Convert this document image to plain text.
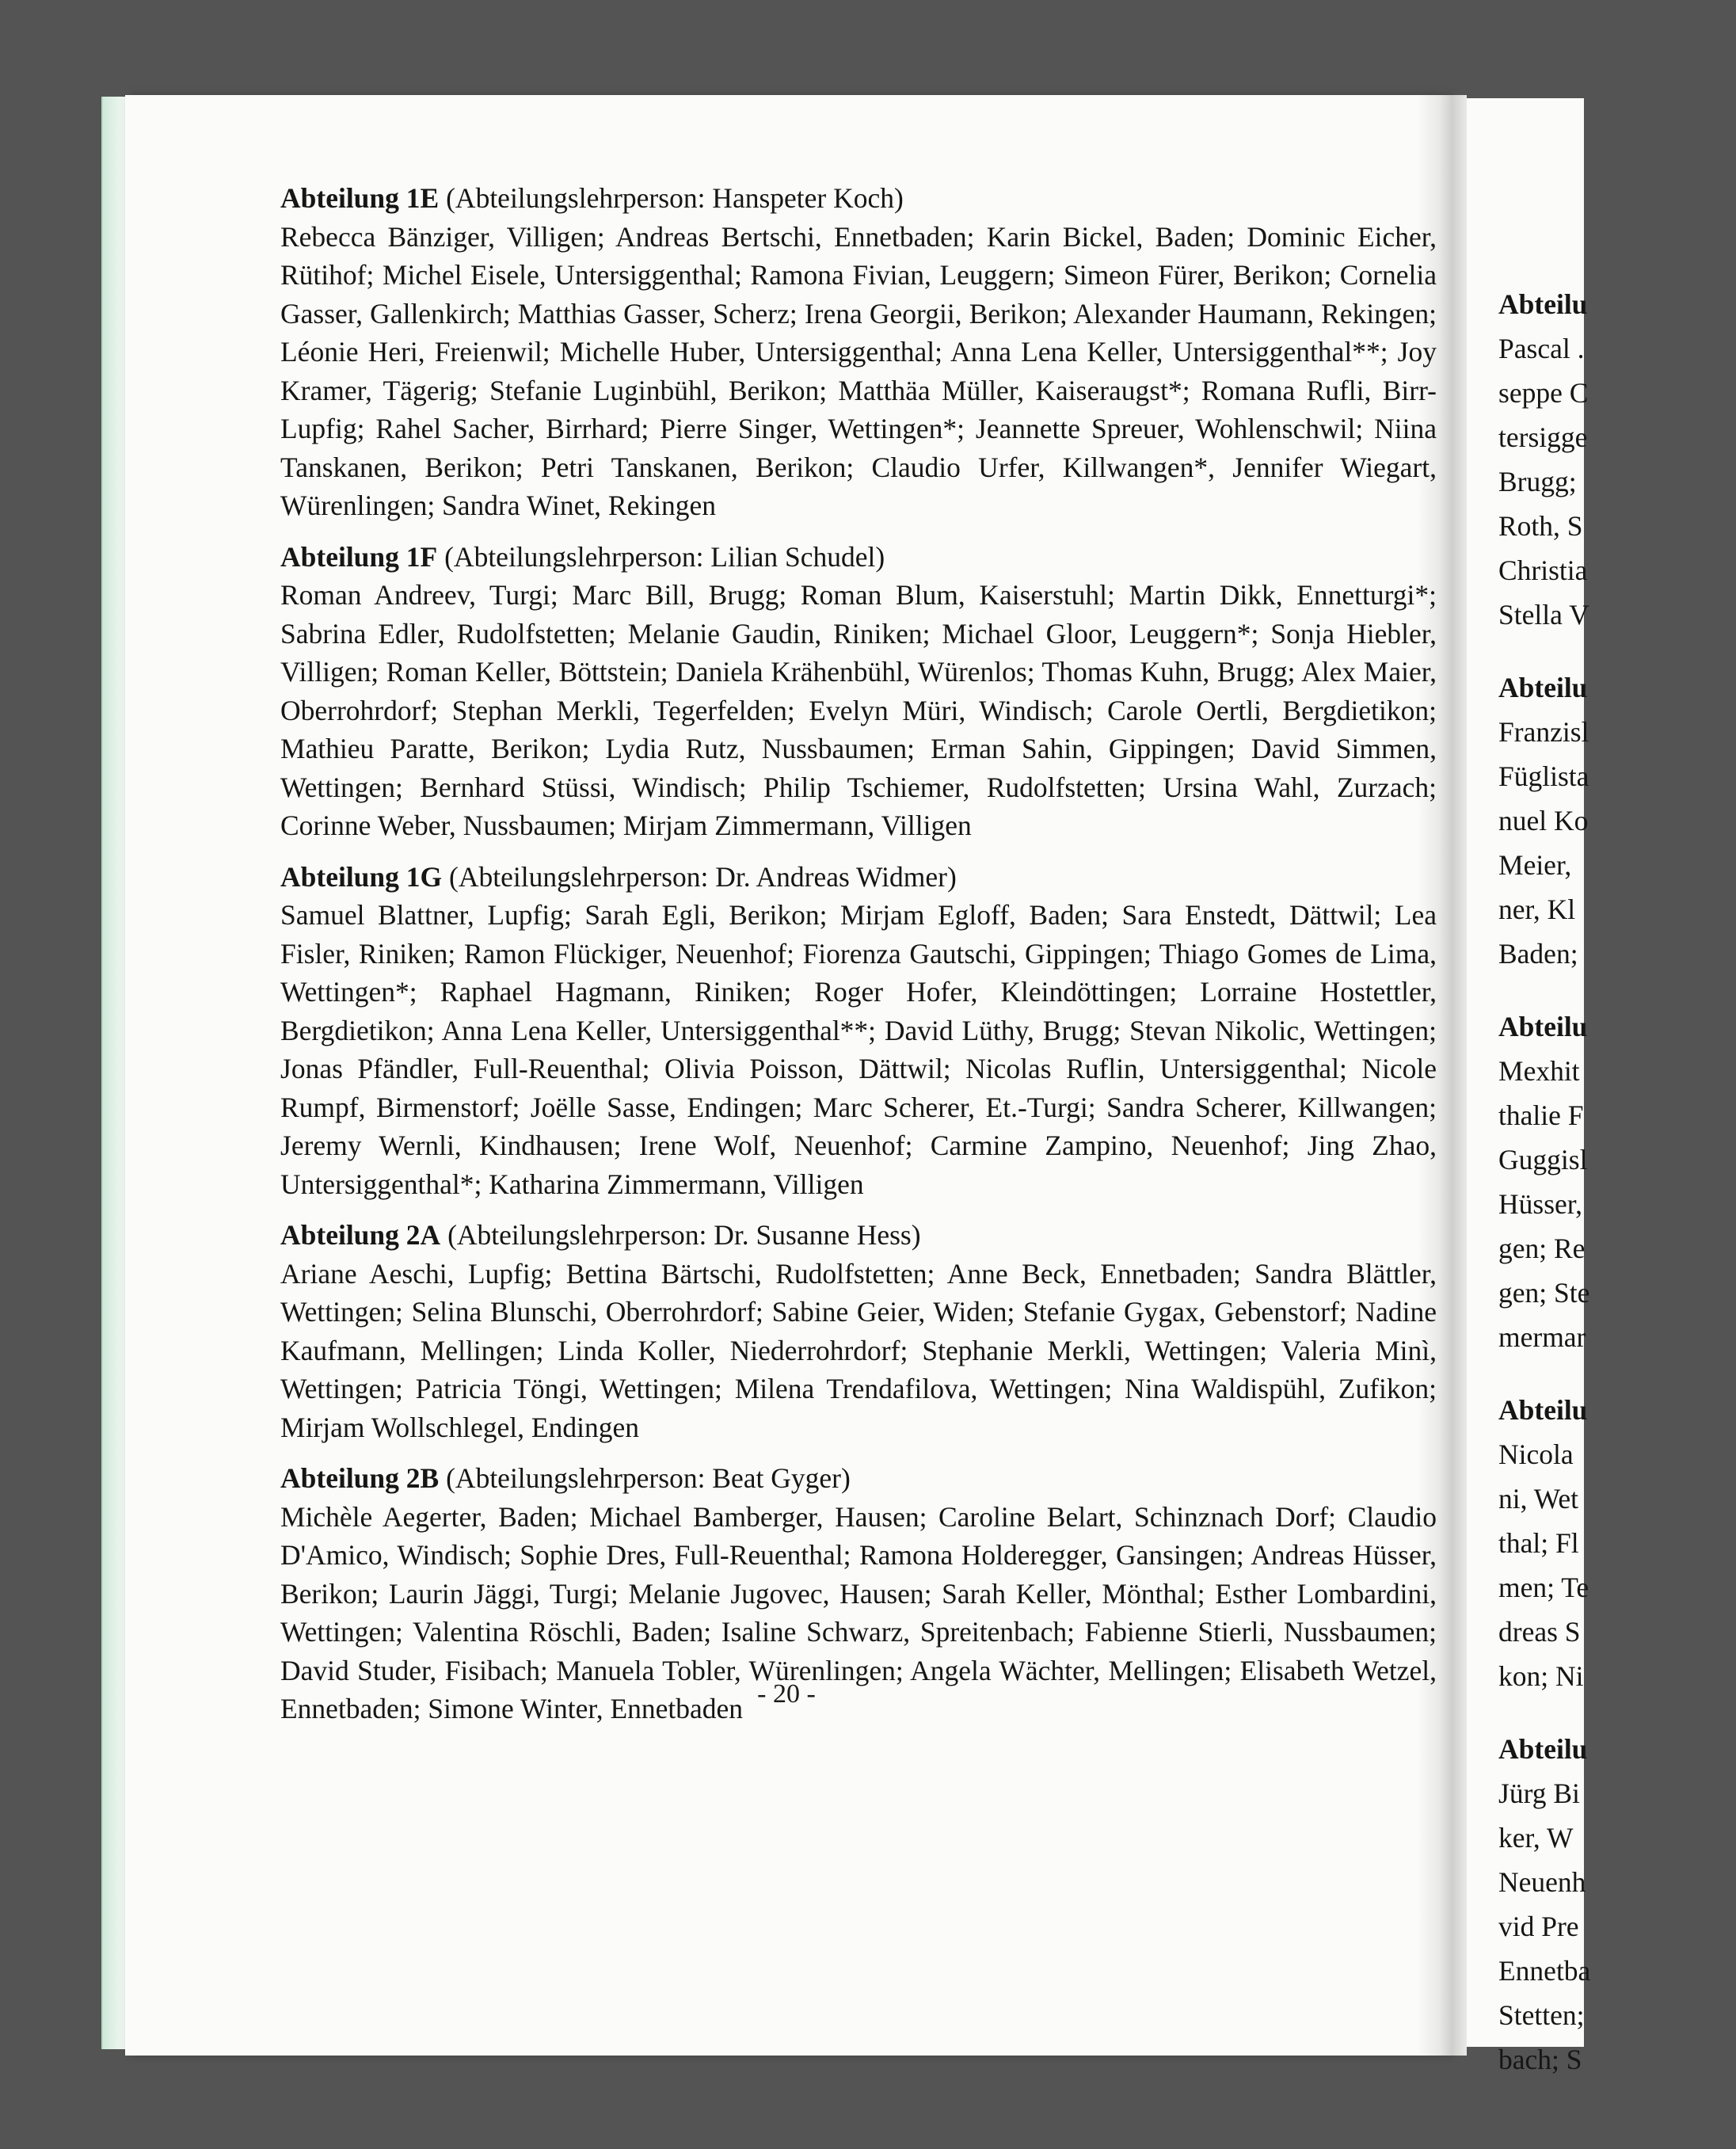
Abteilung 1E (Abteilungslehrperson: Hanspeter Koch)

Rebecca Bänziger, Villigen; Andreas Bertschi, Ennetbaden; Karin Bickel, Baden; Dominic Eicher, Rütihof; Michel Eisele, Untersiggenthal; Ramona Fivian, Leuggern; Simeon Fürer, Berikon; Cornelia Gasser, Gallenkirch; Matthias Gasser, Scherz; Irena Georgii, Berikon; Alexander Haumann, Rekingen; Léonie Heri, Freienwil; Michelle Huber, Untersiggenthal; Anna Lena Keller, Untersiggenthal**; Joy Kramer, Tägerig; Stefanie Luginbühl, Berikon; Matthäa Müller, Kaiseraugst*; Romana Rufli, Birr-Lupfig; Rahel Sacher, Birrhard; Pierre Singer, Wettingen*; Jeannette Spreuer, Wohlenschwil; Niina Tanskanen, Berikon; Petri Tanskanen, Berikon; Claudio Urfer, Killwangen*, Jennifer Wiegart, Würenlingen; Sandra Winet, Rekingen

Abteilung 1F (Abteilungslehrperson: Lilian Schudel)

Roman Andreev, Turgi; Marc Bill, Brugg; Roman Blum, Kaiserstuhl; Martin Dikk, Ennetturgi*; Sabrina Edler, Rudolfstetten; Melanie Gaudin, Riniken; Michael Gloor, Leuggern*; Sonja Hiebler, Villigen; Roman Keller, Böttstein; Daniela Krähenbühl, Würenlos; Thomas Kuhn, Brugg; Alex Maier, Oberrohrdorf; Stephan Merkli, Tegerfelden; Evelyn Müri, Windisch; Carole Oertli, Bergdietikon; Mathieu Paratte, Berikon; Lydia Rutz, Nussbaumen; Erman Sahin, Gippingen; David Simmen, Wettingen; Bernhard Stüssi, Windisch; Philip Tschiemer, Rudolfstetten; Ursina Wahl, Zurzach; Corinne Weber, Nussbaumen; Mirjam Zimmermann, Villigen

Abteilung 1G (Abteilungslehrperson: Dr. Andreas Widmer)

Samuel Blattner, Lupfig; Sarah Egli, Berikon; Mirjam Egloff, Baden; Sara Enstedt, Dättwil; Lea Fisler, Riniken; Ramon Flückiger, Neuenhof; Fiorenza Gautschi, Gippingen; Thiago Gomes de Lima, Wettingen*; Raphael Hagmann, Riniken; Roger Hofer, Kleindöttingen; Lorraine Hostettler, Bergdietikon; Anna Lena Keller, Untersiggenthal**; David Lüthy, Brugg; Stevan Nikolic, Wettingen; Jonas Pfändler, Full-Reuenthal; Olivia Poisson, Dättwil; Nicolas Ruflin, Untersiggenthal; Nicole Rumpf, Birmenstorf; Joëlle Sasse, Endingen; Marc Scherer, Et.-Turgi; Sandra Scherer, Killwangen; Jeremy Wernli, Kindhausen; Irene Wolf, Neuenhof; Carmine Zampino, Neuenhof; Jing Zhao, Untersiggenthal*; Katharina Zimmermann, Villigen

Abteilung 2A (Abteilungslehrperson: Dr. Susanne Hess)

Ariane Aeschi, Lupfig; Bettina Bärtschi, Rudolfstetten; Anne Beck, Ennetbaden; Sandra Blättler, Wettingen; Selina Blunschi, Oberrohrdorf; Sabine Geier, Widen; Stefanie Gygax, Gebenstorf; Nadine Kaufmann, Mellingen; Linda Koller, Niederrohrdorf; Stephanie Merkli, Wettingen; Valeria Minì, Wettingen; Patricia Töngi, Wettingen; Milena Trendafilova, Wettingen; Nina Waldispühl, Zufikon; Mirjam Wollschlegel, Endingen

Abteilung 2B (Abteilungslehrperson: Beat Gyger)

Michèle Aegerter, Baden; Michael Bamberger, Hausen; Caroline Belart, Schinznach Dorf; Claudio D'Amico, Windisch; Sophie Dres, Full-Reuenthal; Ramona Holderegger, Gansingen; Andreas Hüsser, Berikon; Laurin Jäggi, Turgi; Melanie Jugovec, Hausen; Sarah Keller, Mönthal; Esther Lombardini, Wettingen; Valentina Röschli, Baden; Isaline Schwarz, Spreitenbach; Fabienne Stierli, Nussbaumen; David Studer, Fisibach; Manuela Tobler, Würenlingen; Angela Wächter, Mellingen; Elisabeth Wetzel, Ennetbaden; Simone Winter, Ennetbaden - 20 -

Abteilu

Pascal .

seppe C

tersigge

Brugg;

Roth, S

Christia

Stella V

Abteilu

Franzisl

Füglista

nuel Ko

Meier,

ner, Kl

Baden;

Abteilu

Mexhit

thalie F

Guggisl

Hüsser,

gen; Re

gen; Ste

mermar

Abteilu

Nicola

ni, Wet

thal; Fl

men; Te

dreas S

kon; Ni

Abteilu

Jürg Bi

ker, W

Neuenh

vid Pre

Ennetba

Stetten;

bach; S
